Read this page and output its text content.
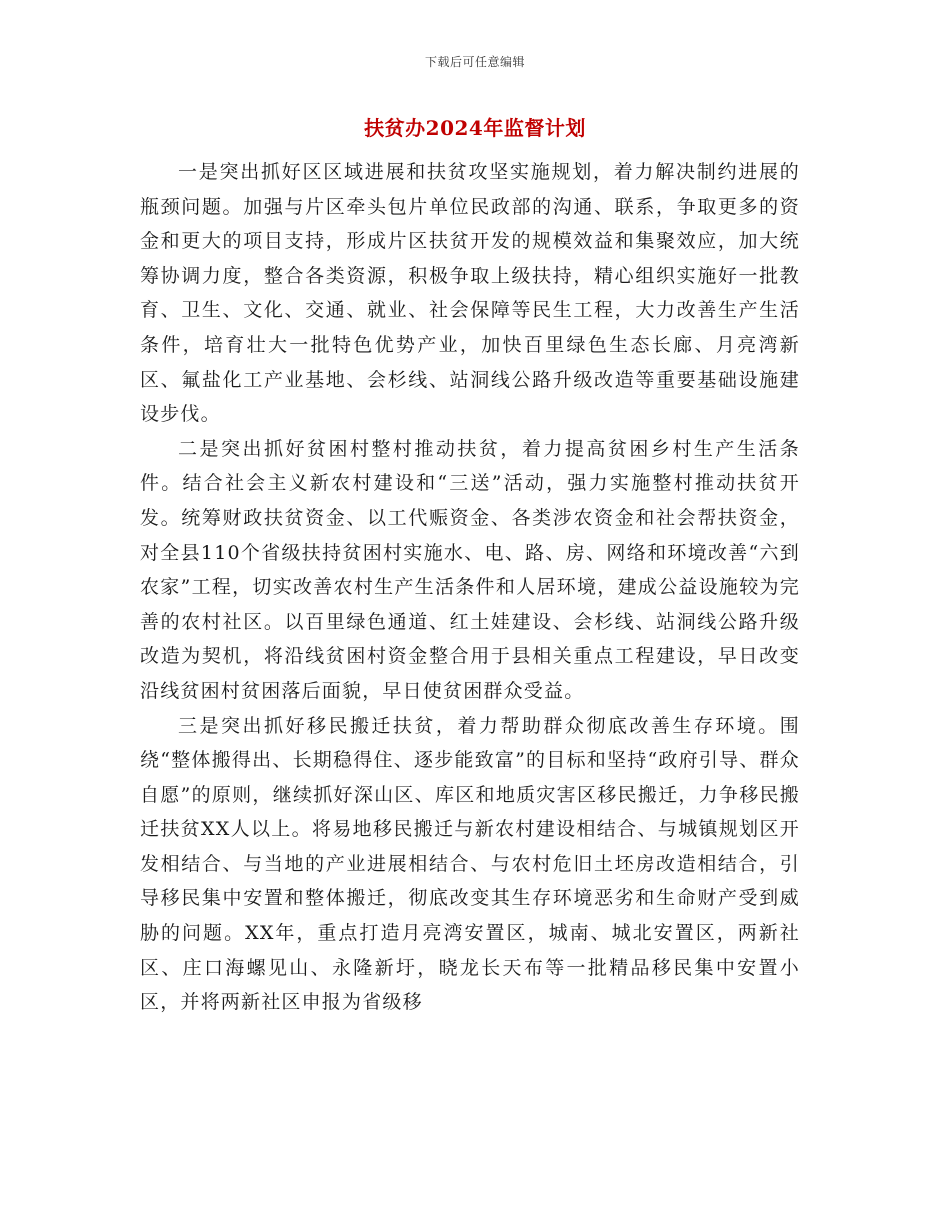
下载后可任意编辑
扶贫办2024年监督计划

一是突出抓好区区域进展和扶贫攻坚实施规划，着力解决制约进展的瓶颈问题。加强与片区牵头包片单位民政部的沟通、联系，争取更多的资金和更大的项目支持，形成片区扶贫开发的规模效益和集聚效应，加大统筹协调力度，整合各类资源，积极争取上级扶持，精心组织实施好一批教育、卫生、文化、交通、就业、社会保障等民生工程，大力改善生产生活条件，培育壮大一批特色优势产业，加快百里绿色生态长廊、月亮湾新区、氟盐化工产业基地、会杉线、站洞线公路升级改造等重要基础设施建设步伐。

二是突出抓好贫困村整村推动扶贫，着力提高贫困乡村生产生活条件。结合社会主义新农村建设和“三送”活动，强力实施整村推动扶贫开发。统筹财政扶贫资金、以工代赈资金、各类涉农资金和社会帮扶资金，对全县110个省级扶持贫困村实施水、电、路、房、网络和环境改善“六到农家”工程，切实改善农村生产生活条件和人居环境，建成公益设施较为完善的农村社区。以百里绿色通道、红土娃建设、会杉线、站洞线公路升级改造为契机，将沿线贫困村资金整合用于县相关重点工程建设，早日改变沿线贫困村贫困落后面貌，早日使贫困群众受益。

三是突出抓好移民搬迁扶贫，着力帮助群众彻底改善生存环境。围绕“整体搬得出、长期稳得住、逐步能致富”的目标和坚持“政府引导、群众自愿”的原则，继续抓好深山区、库区和地质灾害区移民搬迁，力争移民搬迁扶贫XX人以上。将易地移民搬迁与新农村建设相结合、与城镇规划区开发相结合、与当地的产业进展相结合、与农村危旧土坯房改造相结合，引导移民集中安置和整体搬迁，彻底改变其生存环境恶劣和生命财产受到威胁的问题。XX年，重点打造月亮湾安置区，城南、城北安置区，两新社区、庄口海螺见山、永隆新圩，晓龙长天布等一批精品移民集中安置小区，并将两新社区申报为省级移
